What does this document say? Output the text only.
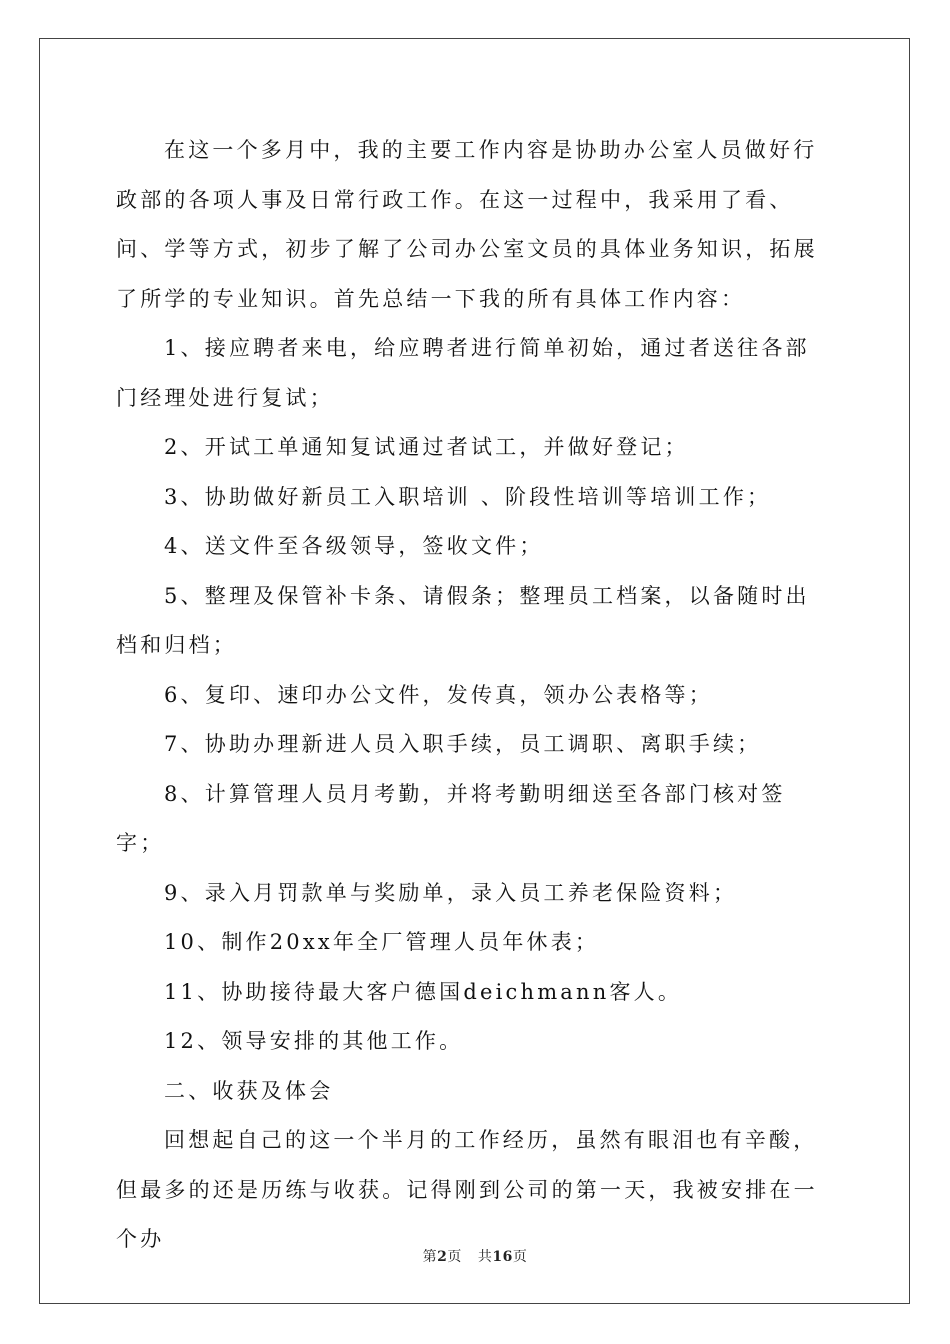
在这一个多月中，我的主要工作内容是协助办公室人员做好行政部的各项人事及日常行政工作。在这一过程中，我采用了看、问、学等方式，初步了解了公司办公室文员的具体业务知识，拓展了所学的专业知识。首先总结一下我的所有具体工作内容：

1、接应聘者来电，给应聘者进行简单初始，通过者送往各部门经理处进行复试；

2、开试工单通知复试通过者试工，并做好登记；

3、协助做好新员工入职培训 、阶段性培训等培训工作；

4、送文件至各级领导，签收文件；

5、整理及保管补卡条、请假条；整理员工档案，以备随时出档和归档；

6、复印、速印办公文件，发传真，领办公表格等；

7、协助办理新进人员入职手续，员工调职、离职手续；

8、计算管理人员月考勤，并将考勤明细送至各部门核对签字；

9、录入月罚款单与奖励单，录入员工养老保险资料；

10、制作20xx年全厂管理人员年休表；

11、协助接待最大客户德国deichmann客人。

12、领导安排的其他工作。

二、收获及体会

回想起自己的这一个半月的工作经历，虽然有眼泪也有辛酸，但最多的还是历练与收获。记得刚到公司的第一天，我被安排在一个办

第2页 共16页
